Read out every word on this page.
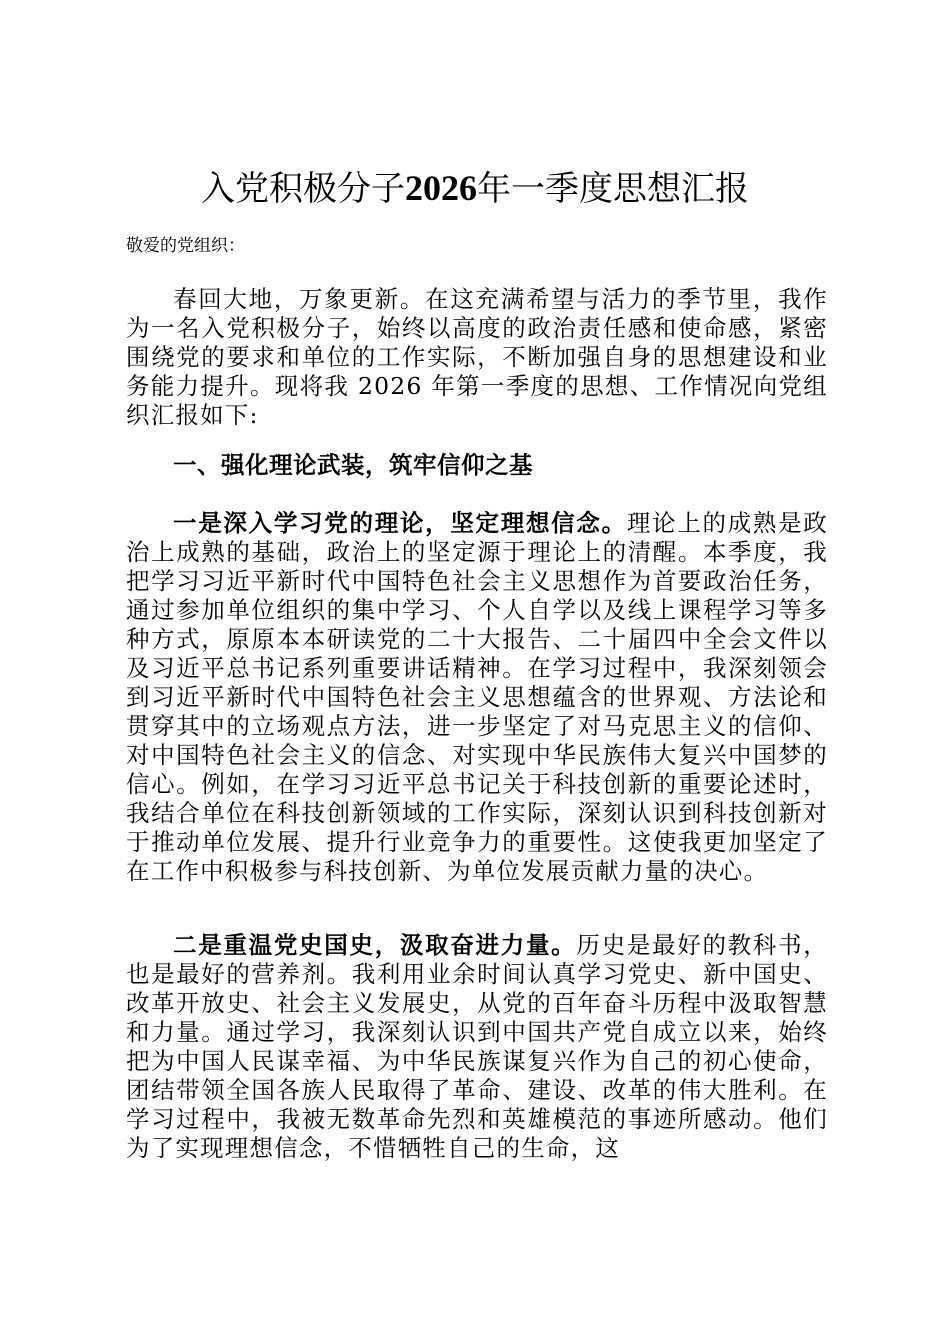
入党积极分子2026年一季度思想汇报
敬爱的党组织：

春回大地，万象更新。在这充满希望与活力的季节里，我作为一名入党积极分子，始终以高度的政治责任感和使命感，紧密围绕党的要求和单位的工作实际，不断加强自身的思想建设和业务能力提升。现将我 2026 年第一季度的思想、工作情况向党组织汇报如下:

一、强化理论武装，筑牢信仰之基

一是深入学习党的理论，坚定理想信念。理论上的成熟是政治上成熟的基础，政治上的坚定源于理论上的清醒。本季度，我把学习习近平新时代中国特色社会主义思想作为首要政治任务，通过参加单位组织的集中学习、个人自学以及线上课程学习等多种方式，原原本本研读党的二十大报告、二十届四中全会文件以及习近平总书记系列重要讲话精神。在学习过程中，我深刻领会到习近平新时代中国特色社会主义思想蕴含的世界观、方法论和贯穿其中的立场观点方法，进一步坚定了对马克思主义的信仰、对中国特色社会主义的信念、对实现中华民族伟大复兴中国梦的信心。例如，在学习习近平总书记关于科技创新的重要论述时，我结合单位在科技创新领域的工作实际，深刻认识到科技创新对于推动单位发展、提升行业竞争力的重要性。这使我更加坚定了在工作中积极参与科技创新、为单位发展贡献力量的决心。

二是重温党史国史，汲取奋进力量。历史是最好的教科书，也是最好的营养剂。我利用业余时间认真学习党史、新中国史、改革开放史、社会主义发展史，从党的百年奋斗历程中汲取智慧和力量。通过学习，我深刻认识到中国共产党自成立以来，始终把为中国人民谋幸福、为中华民族谋复兴作为自己的初心使命，团结带领全国各族人民取得了革命、建设、改革的伟大胜利。在学习过程中，我被无数革命先烈和英雄模范的事迹所感动。他们为了实现理想信念，不惜牺牲自己的生命，这
